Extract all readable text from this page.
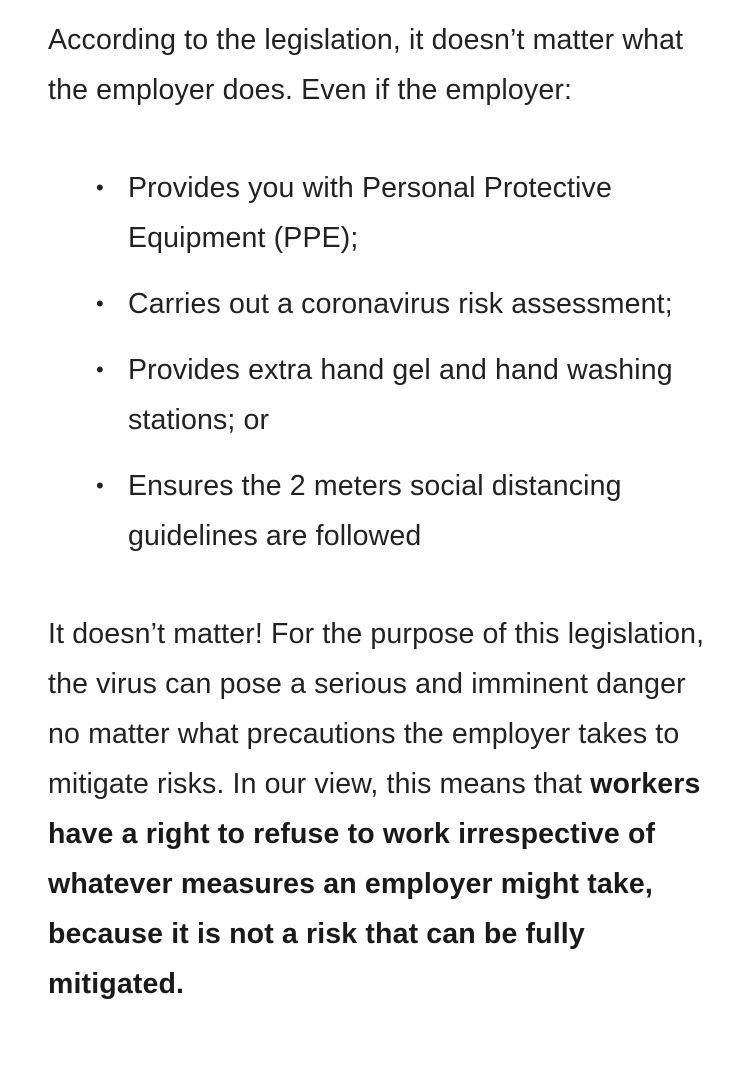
According to the legislation, it doesn’t matter what the employer does. Even if the employer:

• Provides you with Personal Protective Equipment (PPE);
• Carries out a coronavirus risk assessment;
• Provides extra hand gel and hand washing stations; or
• Ensures the 2 meters social distancing guidelines are followed

It doesn’t matter! For the purpose of this legislation, the virus can pose a serious and imminent danger no matter what precautions the employer takes to mitigate risks. In our view, this means that workers have a right to refuse to work irrespective of whatever measures an employer might take, because it is not a risk that can be fully mitigated.
